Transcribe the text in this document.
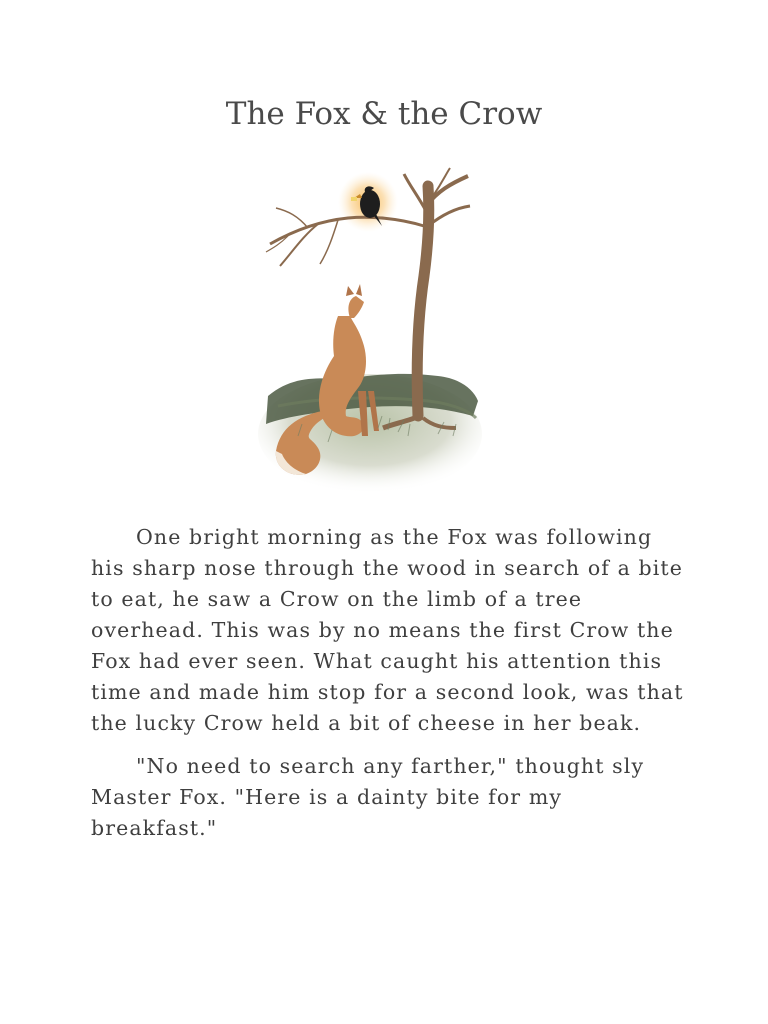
The Fox & the Crow

One bright morning as the Fox was following his sharp nose through the wood in search of a bite to eat, he saw a Crow on the limb of a tree overhead. This was by no means the first Crow the Fox had ever seen. What caught his attention this time and made him stop for a second look, was that the lucky Crow held a bit of cheese in her beak.

"No need to search any farther," thought sly Master Fox. "Here is a dainty bite for my breakfast."
